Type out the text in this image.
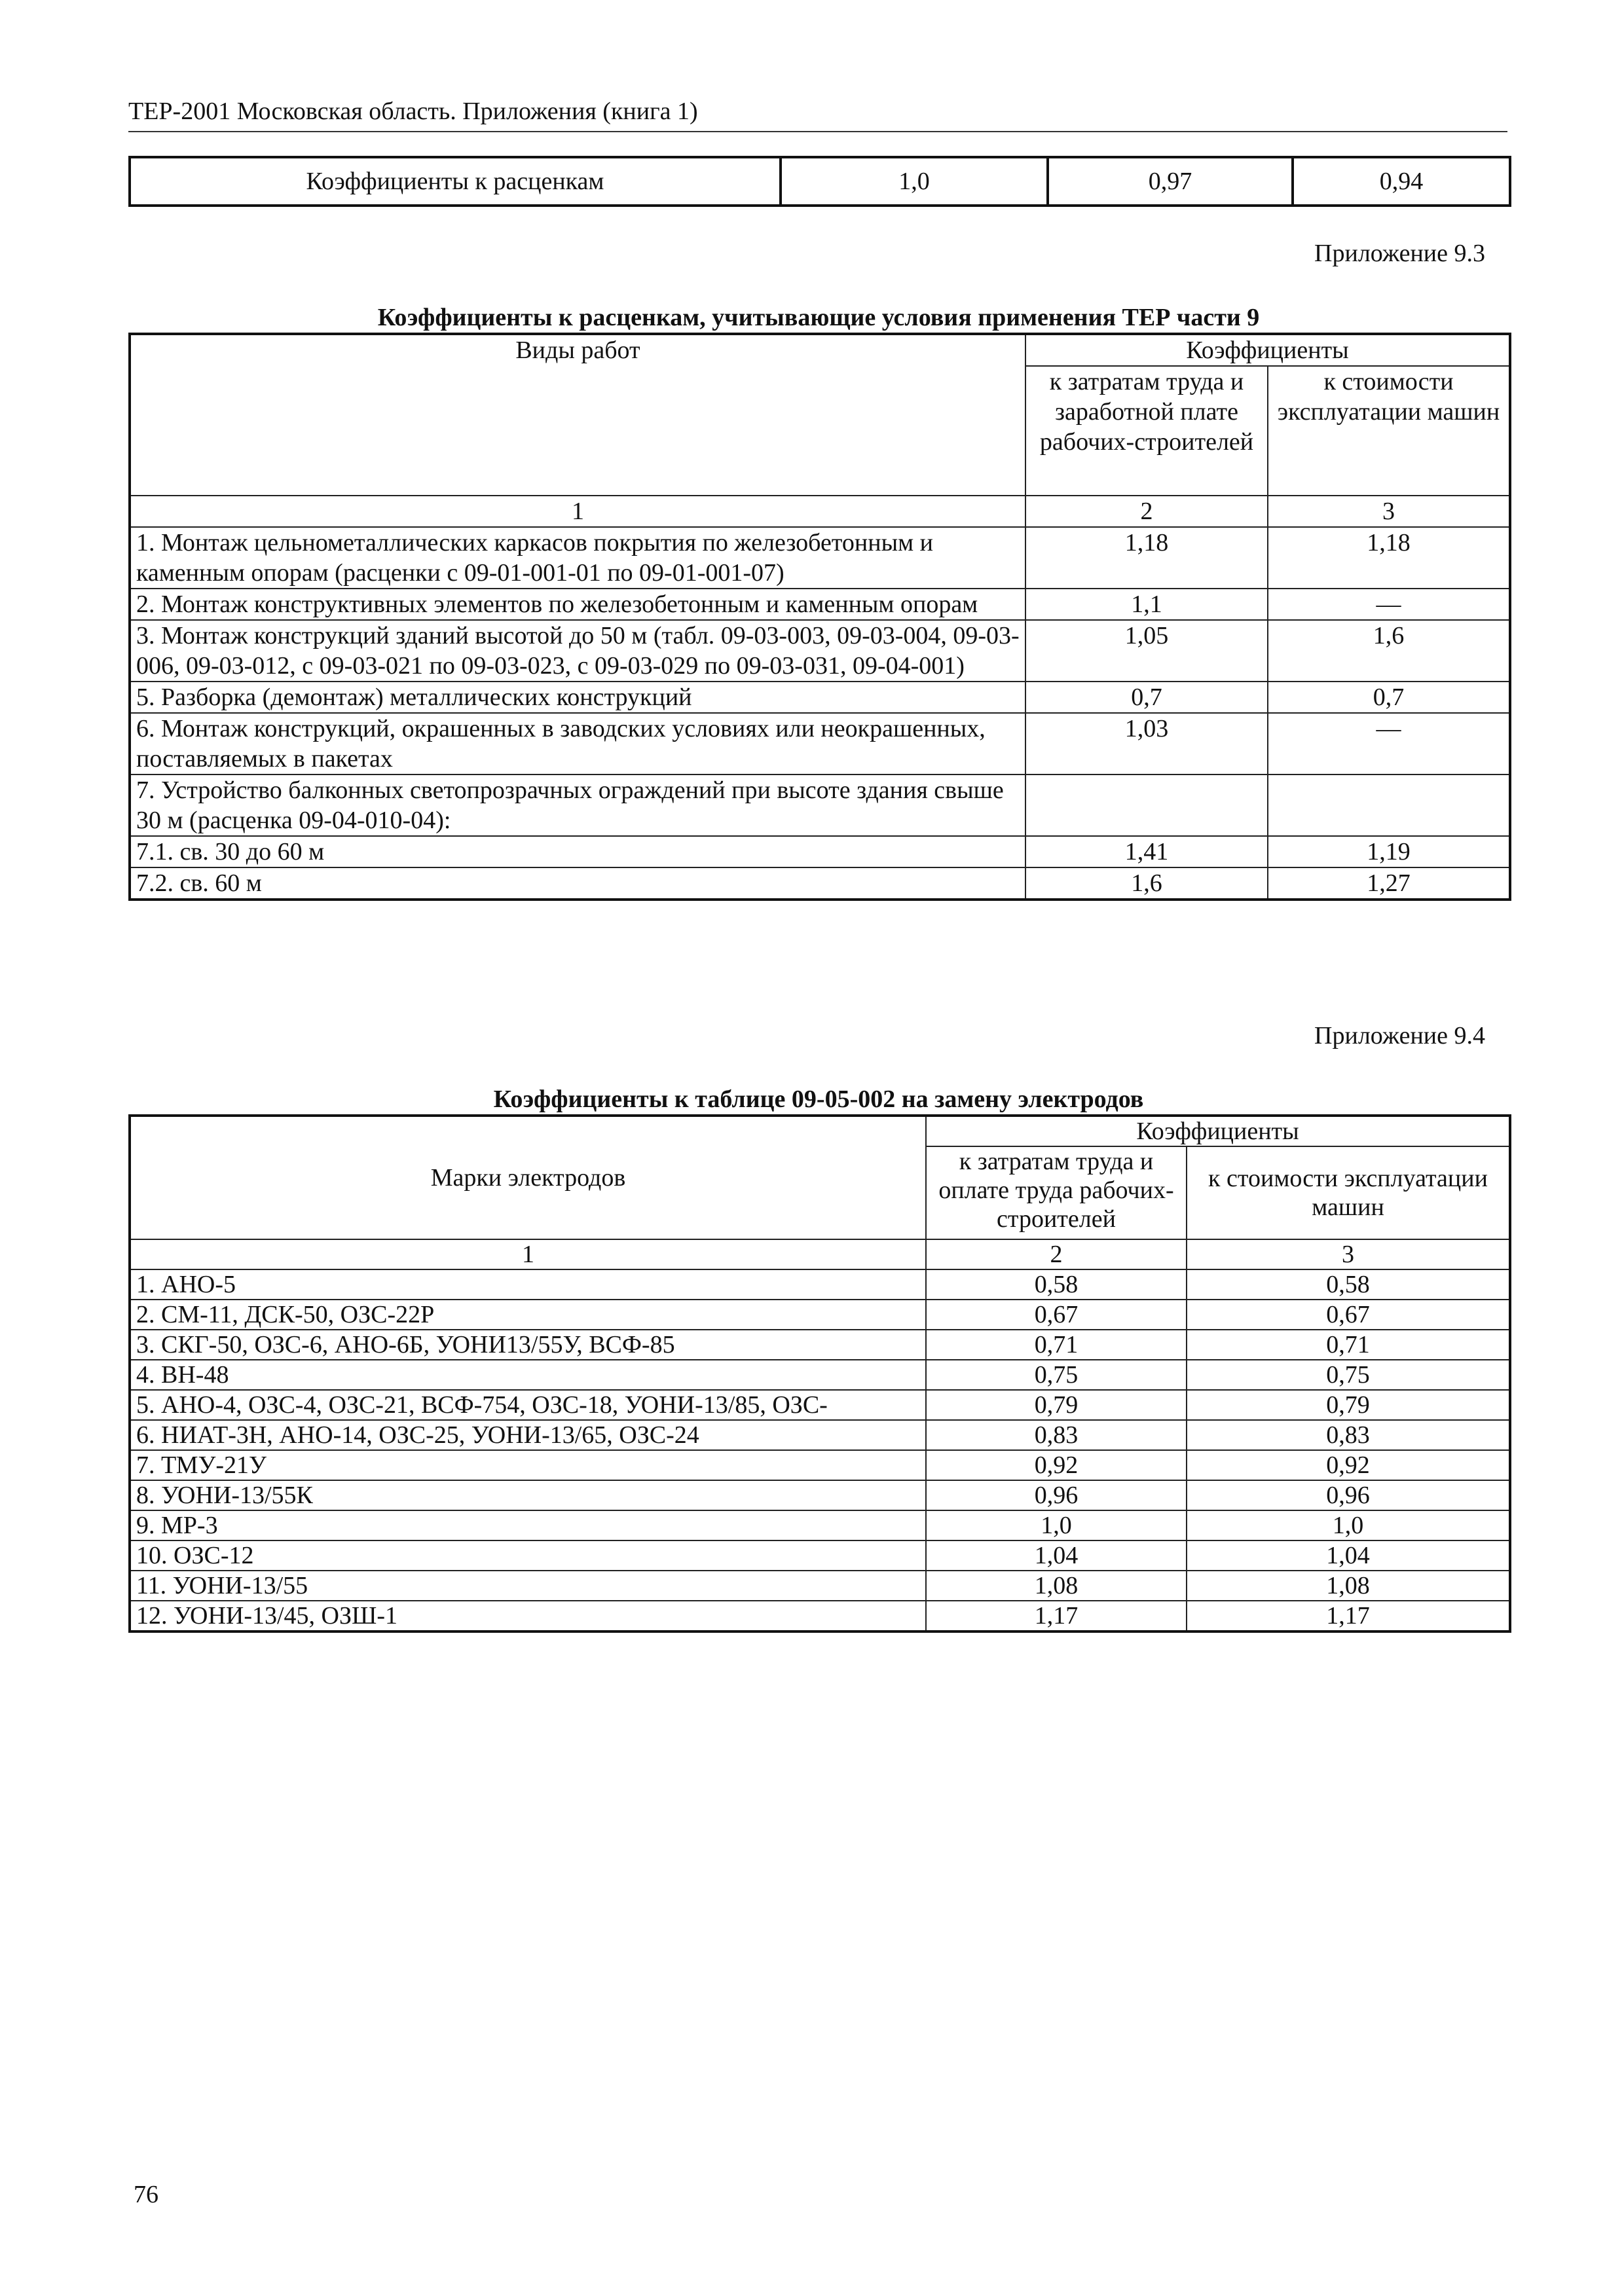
ТЕР-2001 Московская область. Приложения (книга 1)
Коэффициенты к расценкам	1,0	0,97	0,94

Приложение 9.3

Коэффициенты к расценкам, учитывающие условия применения ТЕР части 9

Виды работ	Коэффициенты	
	к затратам труда и заработной плате рабочих-строителей	к стоимости эксплуатации машин
1	2	3
1. Монтаж цельнометаллических каркасов покрытия по железобетонным и каменным опорам (расценки с 09-01-001-01 по 09-01-001-07)	1,18	1,18
2. Монтаж конструктивных элементов по железобетонным и каменным опорам	1,1	—
3. Монтаж конструкций зданий высотой до 50 м (табл. 09-03-003, 09-03-004, 09-03-006, 09-03-012, с 09-03-021 по 09-03-023, с 09-03-029 по 09-03-031, 09-04-001)	1,05	1,6
5. Разборка (демонтаж) металлических конструкций	0,7	0,7
6. Монтаж конструкций, окрашенных в заводских условиях или неокрашенных, поставляемых в пакетах	1,03	—
7. Устройство балконных светопрозрачных ограждений при высоте здания свыше 30 м (расценка 09-04-010-04):		
7.1. св. 30 до 60 м	1,41	1,19
7.2. св. 60 м	1,6	1,27

Приложение 9.4

Коэффициенты к таблице 09-05-002 на замену электродов

Марки электродов	Коэффициенты	
	к затратам труда и оплате труда рабочих-строителей	к стоимости эксплуатации машин
1	2	3
1. АНО-5	0,58	0,58
2. СМ-11, ДСК-50, ОЗС-22Р	0,67	0,67
3. СКГ-50, ОЗС-6, АНО-6Б, УОНИ13/55У, ВСФ-85	0,71	0,71
4. ВН-48	0,75	0,75
5. АНО-4, ОЗС-4, ОЗС-21, ВСФ-754, ОЗС-18, УОНИ-13/85, ОЗС-	0,79	0,79
6. НИАТ-3Н, АНО-14, ОЗС-25, УОНИ-13/65, ОЗС-24	0,83	0,83
7. ТМУ-21У	0,92	0,92
8. УОНИ-13/55К	0,96	0,96
9. МР-3	1,0	1,0
10. ОЗС-12	1,04	1,04
11. УОНИ-13/55	1,08	1,08
12. УОНИ-13/45, ОЗШ-1	1,17	1,17

76
